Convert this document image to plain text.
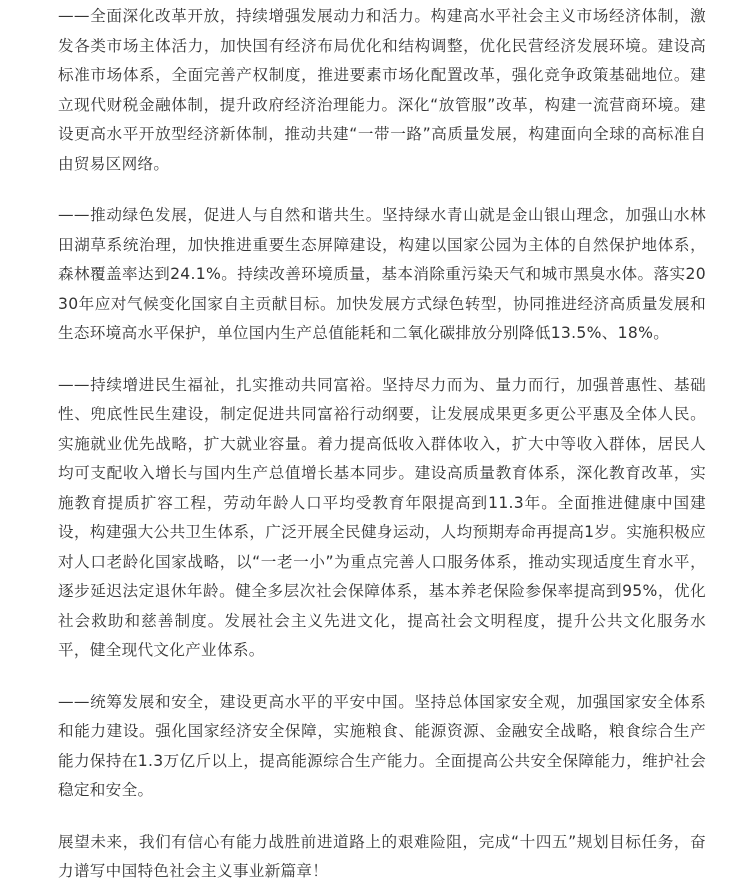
——全面深化改革开放，持续增强发展动力和活力。构建高水平社会主义市场经济体制，激发各类市场主体活力，加快国有经济布局优化和结构调整，优化民营经济发展环境。建设高标准市场体系，全面完善产权制度，推进要素市场化配置改革，强化竞争政策基础地位。建立现代财税金融体制，提升政府经济治理能力。深化“放管服”改革，构建一流营商环境。建设更高水平开放型经济新体制，推动共建“一带一路”高质量发展，构建面向全球的高标准自由贸易区网络。

——推动绿色发展，促进人与自然和谐共生。坚持绿水青山就是金山银山理念，加强山水林田湖草系统治理，加快推进重要生态屏障建设，构建以国家公园为主体的自然保护地体系，森林覆盖率达到24.1%。持续改善环境质量，基本消除重污染天气和城市黑臭水体。落实2030年应对气候变化国家自主贡献目标。加快发展方式绿色转型，协同推进经济高质量发展和生态环境高水平保护，单位国内生产总值能耗和二氧化碳排放分别降低13.5%、18%。

——持续增进民生福祉，扎实推动共同富裕。坚持尽力而为、量力而行，加强普惠性、基础性、兜底性民生建设，制定促进共同富裕行动纲要，让发展成果更多更公平惠及全体人民。实施就业优先战略，扩大就业容量。着力提高低收入群体收入，扩大中等收入群体，居民人均可支配收入增长与国内生产总值增长基本同步。建设高质量教育体系，深化教育改革，实施教育提质扩容工程，劳动年龄人口平均受教育年限提高到11.3年。全面推进健康中国建设，构建强大公共卫生体系，广泛开展全民健身运动，人均预期寿命再提高1岁。实施积极应对人口老龄化国家战略，以“一老一小”为重点完善人口服务体系，推动实现适度生育水平，逐步延迟法定退休年龄。健全多层次社会保障体系，基本养老保险参保率提高到95%，优化社会救助和慈善制度。发展社会主义先进文化，提高社会文明程度，提升公共文化服务水平，健全现代文化产业体系。

——统筹发展和安全，建设更高水平的平安中国。坚持总体国家安全观，加强国家安全体系和能力建设。强化国家经济安全保障，实施粮食、能源资源、金融安全战略，粮食综合生产能力保持在1.3万亿斤以上，提高能源综合生产能力。全面提高公共安全保障能力，维护社会稳定和安全。

展望未来，我们有信心有能力战胜前进道路上的艰难险阻，完成“十四五”规划目标任务，奋力谱写中国特色社会主义事业新篇章！
